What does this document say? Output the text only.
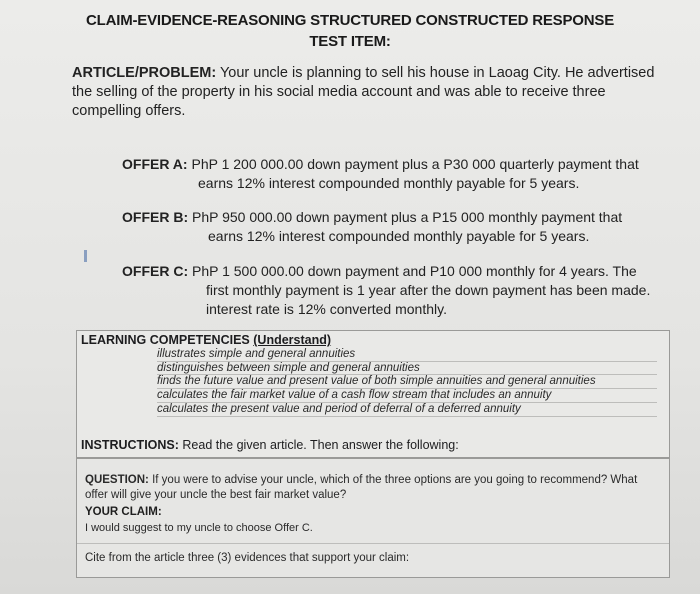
CLAIM-EVIDENCE-REASONING STRUCTURED CONSTRUCTED RESPONSE
TEST ITEM:
ARTICLE/PROBLEM: Your uncle is planning to sell his house in Laoag City. He advertised the selling of the property in his social media account and was able to receive three compelling offers.
OFFER A: PhP 1 200 000.00 down payment plus a P30 000 quarterly payment that
earns 12% interest compounded monthly payable for 5 years.
OFFER B: PhP 950 000.00 down payment plus a P15 000 monthly payment that
earns 12% interest compounded monthly payable for 5 years.
OFFER C: PhP 1 500 000.00 down payment and P10 000 monthly for 4 years. The
first monthly payment is 1 year after the down payment has been made.
interest rate is 12% converted monthly.
LEARNING COMPETENCIES (Understand)
illustrates simple and general annuities
distinguishes between simple and general annuities
finds the future value and present value of both simple annuities and general annuities
calculates the fair market value of a cash flow stream that includes an annuity
calculates the present value and period of deferral of a deferred annuity
INSTRUCTIONS: Read the given article. Then answer the following:
QUESTION: If you were to advise your uncle, which of the three options are you going to recommend? What offer will give your uncle the best fair market value?
YOUR CLAIM:
I would suggest to my uncle to choose Offer C.
Cite from the article three (3) evidences that support your claim:
